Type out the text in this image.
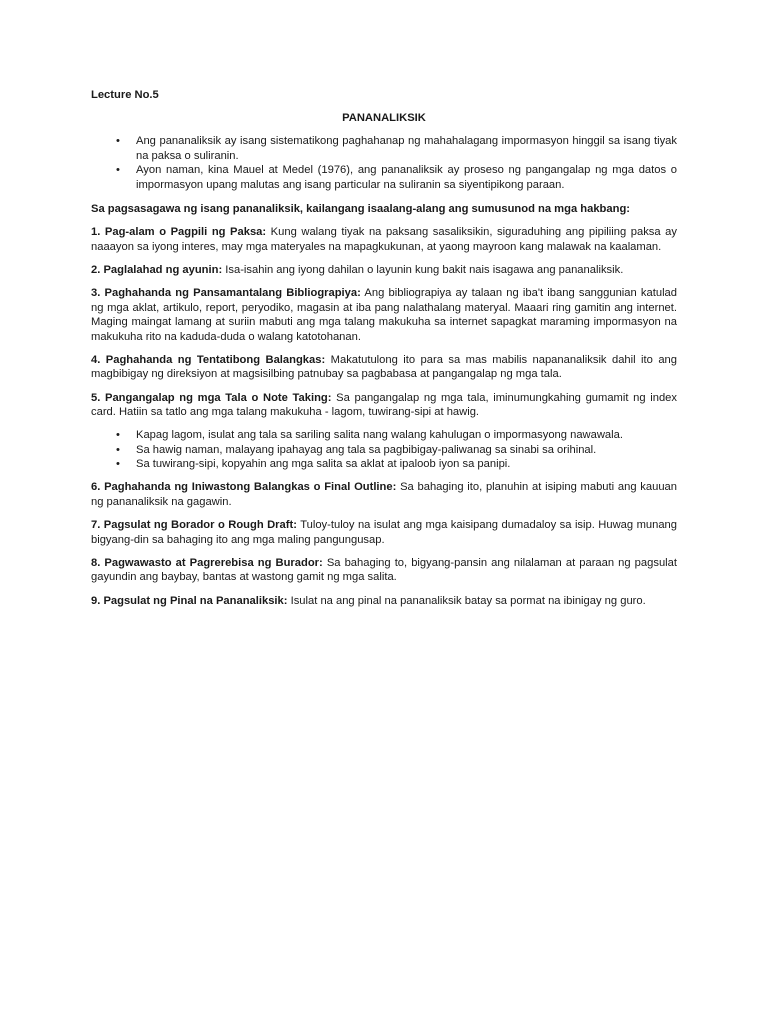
Lecture No.5

PANANALIKSIK

• Ang pananaliksik ay isang sistematikong paghahanap ng mahahalagang impormasyon hinggil sa isang tiyak na paksa o suliranin.
• Ayon naman, kina Mauel at Medel (1976), ang pananaliksik ay proseso ng pangangalap ng mga datos o impormasyon upang malutas ang isang particular na suliranin sa siyentipikong paraan.

Sa pagsasagawa ng isang pananaliksik, kailangang isaalang-alang ang sumusunod na mga hakbang:

1. Pag-alam o Pagpili ng Paksa: Kung walang tiyak na paksang sasaliksikin, siguraduhing ang pipiliing paksa ay naaayon sa iyong interes, may mga materyales na mapagkukunan, at yaong mayroon kang malawak na kaalaman.

2. Paglalahad ng ayunin: Isa-isahin ang iyong dahilan o layunin kung bakit nais isagawa ang pananaliksik.

3. Paghahanda ng Pansamantalang Bibliograpiya: Ang bibliograpiya ay talaan ng iba't ibang sanggunian katulad ng mga aklat, artikulo, report, peryodiko, magasin at iba pang nalathalang materyal. Maaari ring gamitin ang internet. Maging maingat lamang at suriin mabuti ang mga talang makukuha sa internet sapagkat maraming impormasyon na makukuha rito na kaduda-duda o walang katotohanan.

4. Paghahanda ng Tentatibong Balangkas: Makatutulong ito para sa mas mabilis napananaliksik dahil ito ang magbibigay ng direksiyon at magsisilbing patnubay sa pagbabasa at pangangalap ng mga tala.

5. Pangangalap ng mga Tala o Note Taking: Sa pangangalap ng mga tala, iminumungkahing gumamit ng index card. Hatiin sa tatlo ang mga talang makukuha - lagom, tuwirang-sipi at hawig.

• Kapag lagom, isulat ang tala sa sariling salita nang walang kahulugan o impormasyong nawawala.
• Sa hawig naman, malayang ipahayag ang tala sa pagbibigay-paliwanag sa sinabi sa orihinal.
• Sa tuwirang-sipi, kopyahin ang mga salita sa aklat at ipaloob iyon sa panipi.

6. Paghahanda ng Iniwastong Balangkas o Final Outline: Sa bahaging ito, planuhin at isiping mabuti ang kauuan ng pananaliksik na gagawin.

7. Pagsulat ng Borador o Rough Draft: Tuloy-tuloy na isulat ang mga kaisipang dumadaloy sa isip. Huwag munang bigyang-din sa bahaging ito ang mga maling pangungusap.

8. Pagwawasto at Pagrerebisa ng Burador: Sa bahaging to, bigyang-pansin ang nilalaman at paraan ng pagsulat gayundin ang baybay, bantas at wastong gamit ng mga salita.

9. Pagsulat ng Pinal na Pananaliksik: Isulat na ang pinal na pananaliksik batay sa pormat na ibinigay ng guro.
